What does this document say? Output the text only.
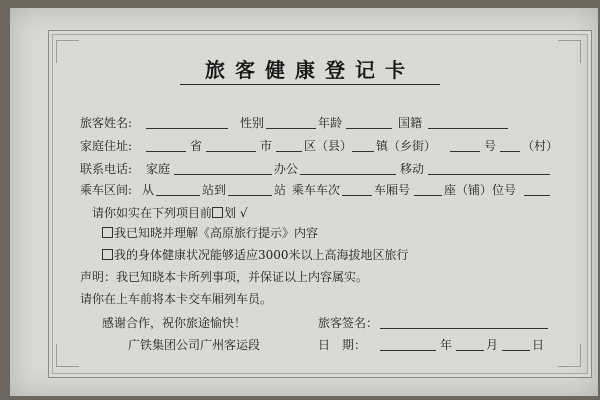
旅客健康登记卡
旅客姓名:	性别	年龄	国籍
家庭住址:	省	市	区（县） 镇（乡街）	号 （村）
联系电话: 家庭	办公	移动
乘车区间: 从	站到	站 乘车车次	车厢号	座（铺）位号
请你如实在下列项目前 划 √
我已知晓并理解《高原旅行提示》内容
我的身体健康状况能够适应3000米以上高海拔地区旅行
声明：我已知晓本卡所列事项，并保证以上内容属实。
请你在上车前将本卡交车厢列车员。
感谢合作，祝你旅途愉快！	旅客签名：
广铁集团公司广州客运段	日　期：	年	月	日
